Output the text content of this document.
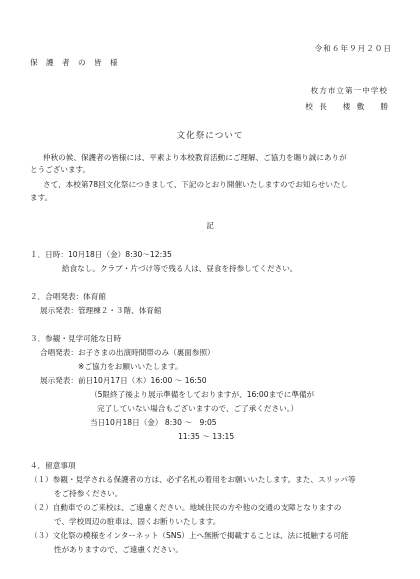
令和６年９月２０日
保 護 者 の 皆 様
枚方市立第一中学校
校 長　 楼 敷 　勝
文化祭について
仲秋の候、保護者の皆様には、平素より本校教育活動にご理解、ご協力を賜り誠にありが
とうございます。
さて、本校第78回文化祭につきまして、下記のとおり開催いたしますのでお知らせいたし
ます。
記
１．日時：10月18日（金）8:30～12:35
給食なし。クラブ・片づけ等で残る人は、昼食を持参してください。
２．合唱発表：体育館
展示発表：管理棟２・３階、体育館
３．参観・見学可能な日時
合唱発表：お子さまの出演時間帯のみ（裏面参照）
※ご協力をお願いいたします。
展示発表：前日10月17日（木）16:00 ～ 16:50
（5限終了後より展示準備をしておりますが、16:00までに準備が
完了していない場合もございますので、ご了承ください。）
当日10月18日（金） 8:30 ～　9:05
11:35 ～ 13:15
４．留意事項
（１）参観・見学される保護者の方は、必ず名札の着用をお願いいたします。また、スリッパ等
をご持参ください。
（２）自動車でのご来校は、ご遠慮ください。地域住民の方や他の交通の支障となりますの
で、学校周辺の駐車は、固くお断りいたします。
（３）文化祭の模様をインターネット（SNS）上へ無断で掲載することは、法に抵触する可能
性がありますので、ご遠慮ください。
